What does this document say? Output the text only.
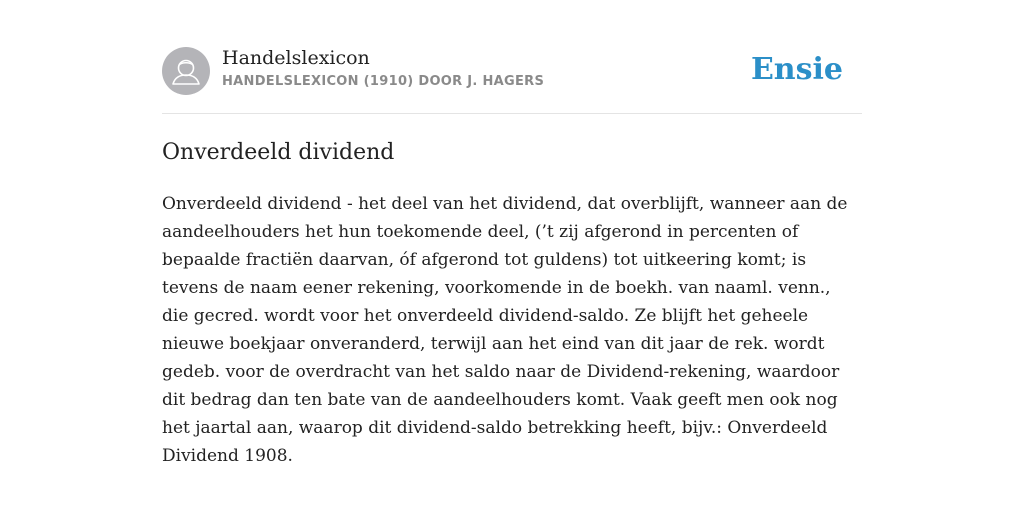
Handelslexicon
HANDELSLEXICON (1910) DOOR J. HAGERS	Ensie
Onverdeeld dividend

Onverdeeld dividend - het deel van het dividend, dat overblijft, wanneer aan de aandeelhouders het hun toekomende deel, (’t zij afgerond in percenten of bepaalde fractiën daarvan, óf afgerond tot guldens) tot uitkeering komt; is tevens de naam eener rekening, voorkomende in de boekh. van naaml. venn., die gecred. wordt voor het onverdeeld dividend-saldo. Ze blijft het geheele nieuwe boekjaar onveranderd, terwijl aan het eind van dit jaar de rek. wordt gedeb. voor de overdracht van het saldo naar de Dividend-rekening, waardoor dit bedrag dan ten bate van de aandeelhouders komt. Vaak geeft men ook nog het jaartal aan, waarop dit dividend-saldo betrekking heeft, bijv.: Onverdeeld Dividend 1908.
